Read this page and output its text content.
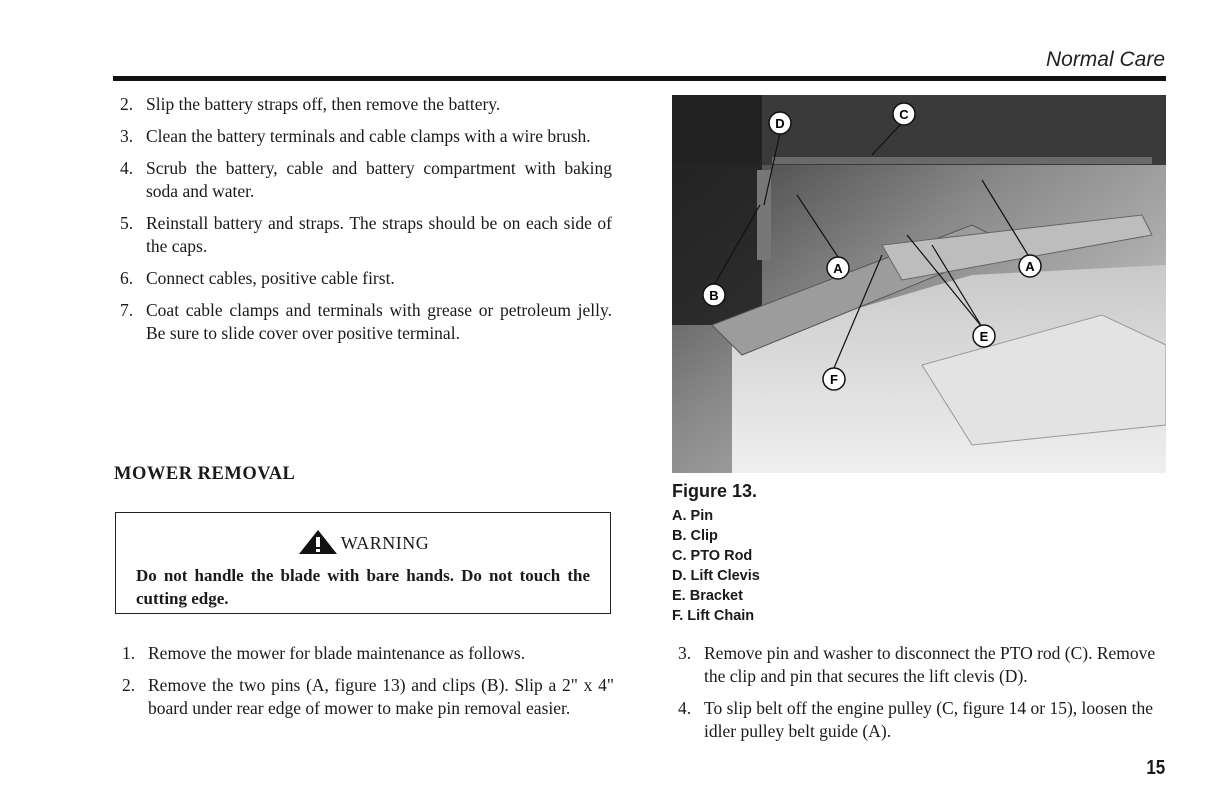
Normal Care
2. Slip the battery straps off, then remove the battery.
3. Clean the battery terminals and cable clamps with a wire brush.
4. Scrub the battery, cable and battery compartment with baking soda and water.
5. Reinstall battery and straps. The straps should be on each side of the caps.
6. Connect cables, positive cable first.
7. Coat cable clamps and terminals with grease or petroleum jelly. Be sure to slide cover over positive terminal.
MOWER REMOVAL
WARNING
Do not handle the blade with bare hands. Do not touch the cutting edge.
1. Remove the mower for blade maintenance as follows.
2. Remove the two pins (A, figure 13) and clips (B). Slip a 2" x 4" board under rear edge of mower to make pin removal easier.
D
C
A	A
B
E
F
Figure 13.
A. Pin
B. Clip
C. PTO Rod
D. Lift Clevis
E. Bracket
F. Lift Chain
3. Remove pin and washer to disconnect the PTO rod (C). Remove the clip and pin that secures the lift clevis (D).
4. To slip belt off the engine pulley (C, figure 14 or 15), loosen the idler pulley belt guide (A).
15
